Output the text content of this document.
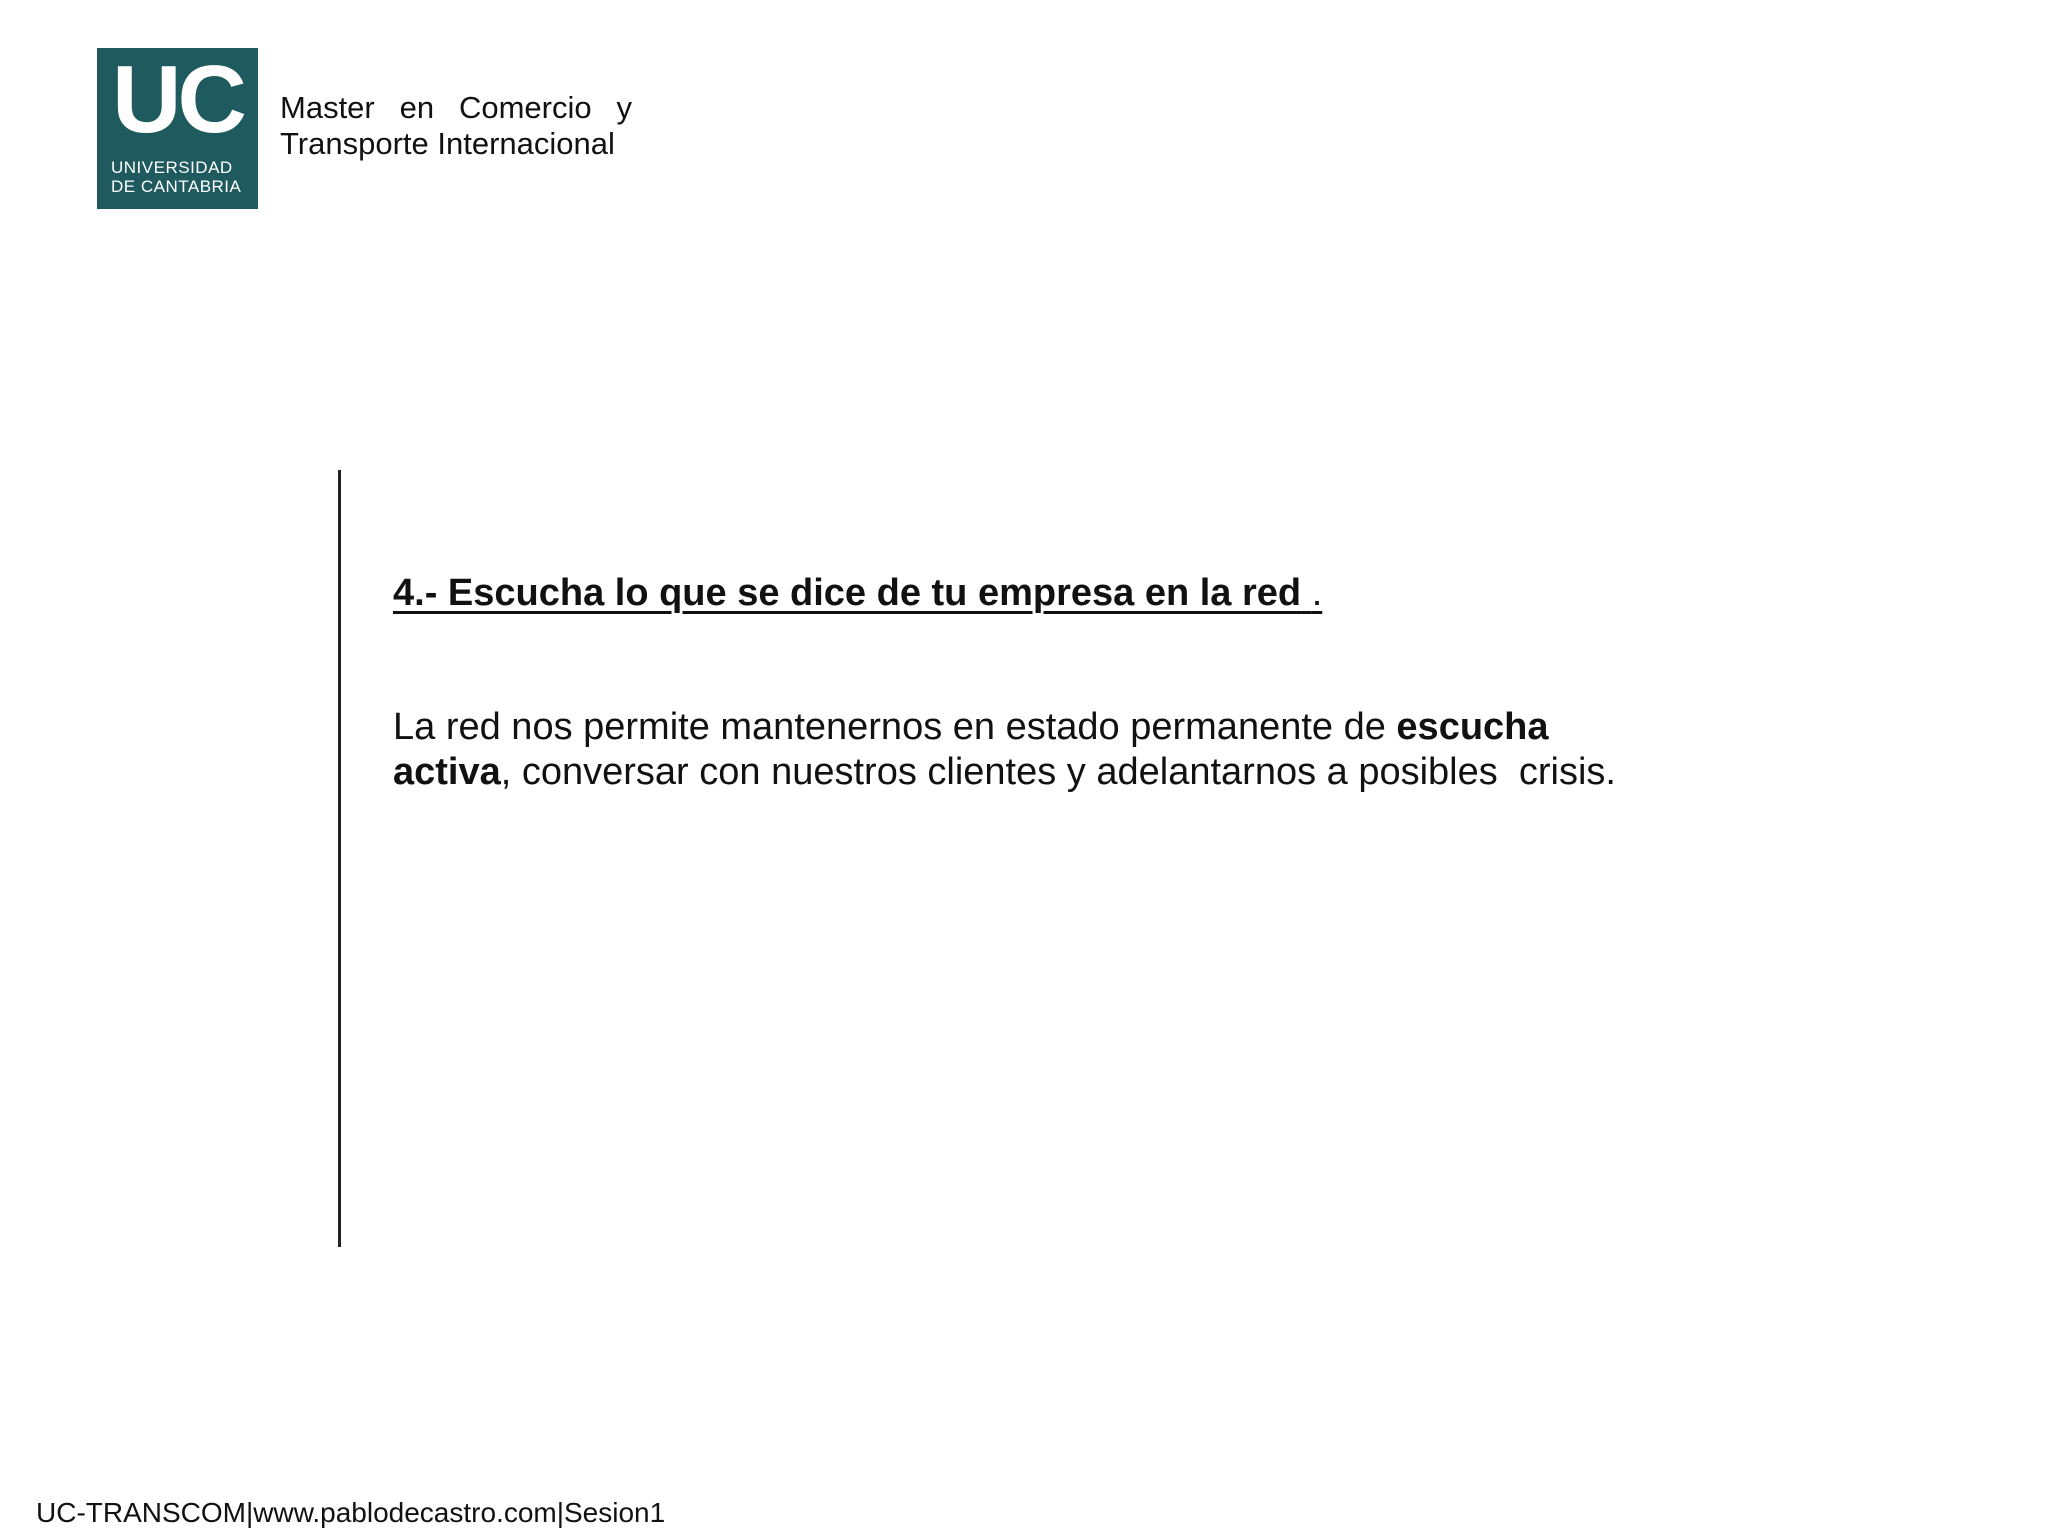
UC
UNIVERSIDAD
DE CANTABRIA
Master en Comercio y
Transporte Internacional
4.- Escucha lo que se dice de tu empresa en la red .
La red nos permite mantenernos en estado permanente de escucha
activa, conversar con nuestros clientes y adelantarnos a posibles  crisis.
UC-TRANSCOM|www.pablodecastro.com|Sesion1
